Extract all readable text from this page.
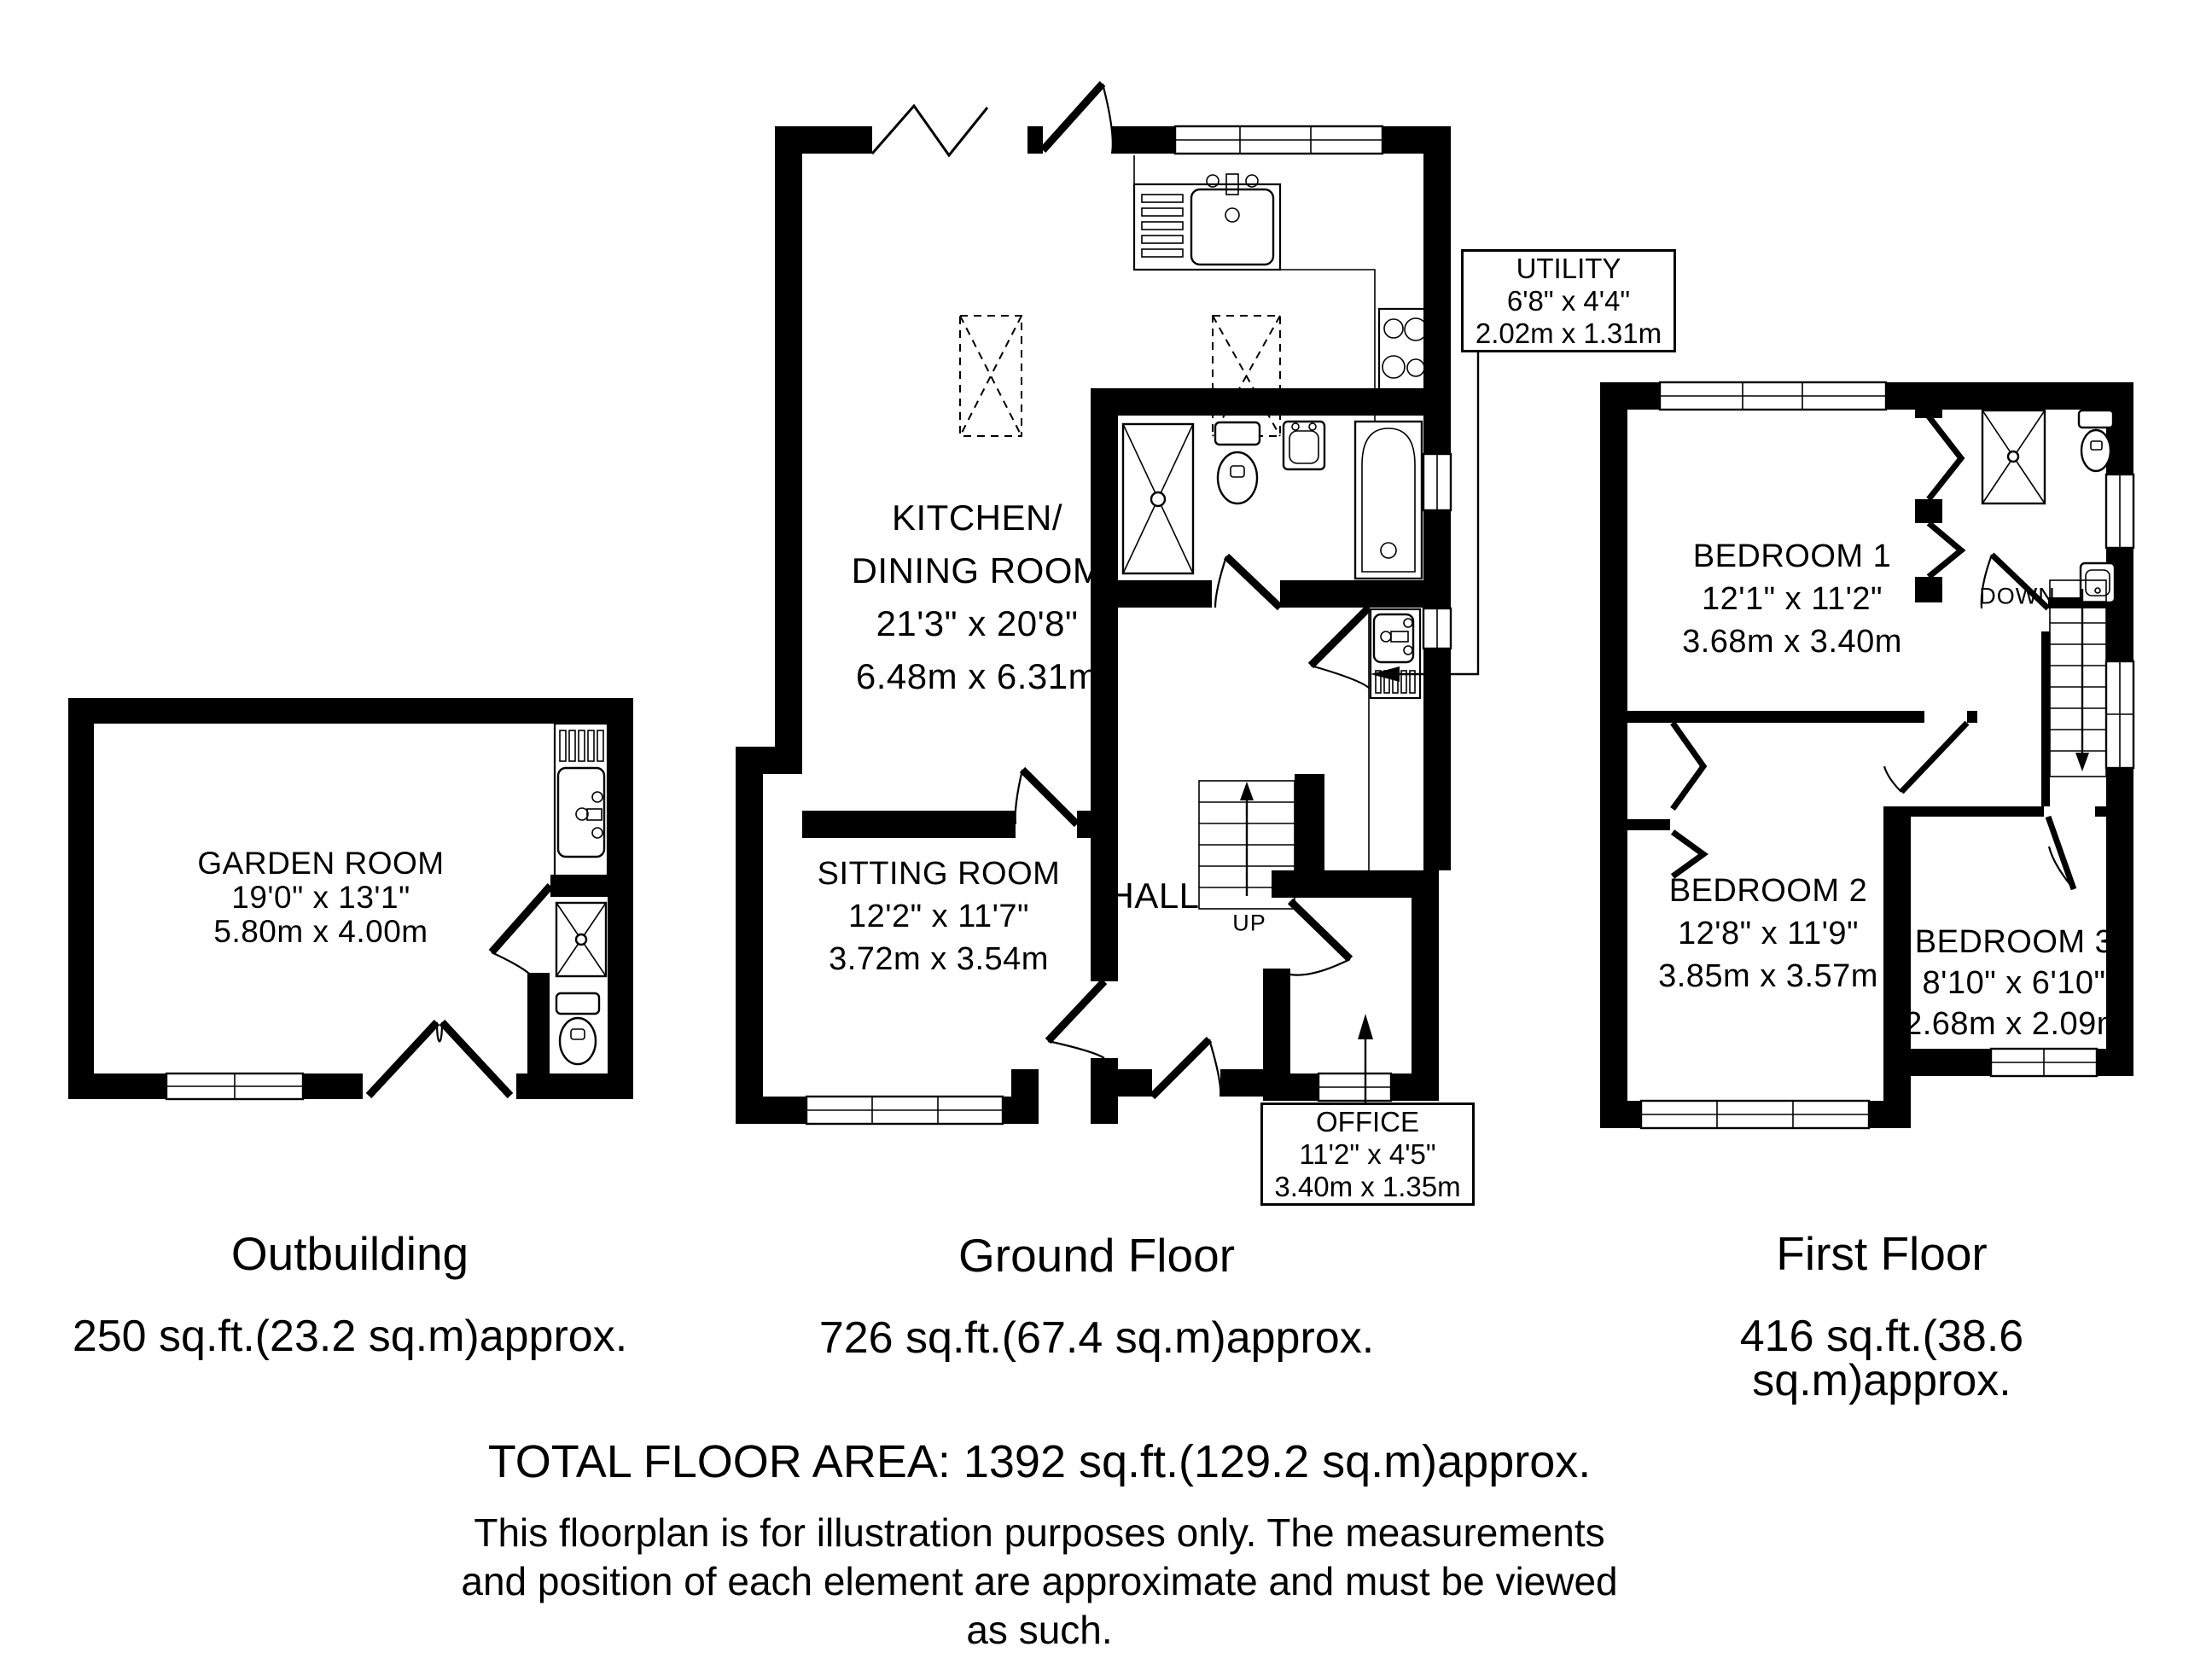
GARDEN ROOM
19'0" x 13'1"
5.80m x 4.00m
KITCHEN/
DINING ROOM
21'3" x 20'8"
6.48m x 6.31m
SITTING ROOM
12'2" x 11'7"
3.72m x 3.54m
HALL
UP
UTILITY
6'8" x 4'4"
2.02m x 1.31m
OFFICE
11'2" x 4'5"
3.40m x 1.35m
BEDROOM 1
12'1" x 11'2"
3.68m x 3.40m
BEDROOM 2
12'8" x 11'9"
3.85m x 3.57m
BEDROOM 3
8'10" x 6'10"
2.68m x 2.09m
DOWN

Outbuilding

250 sq.ft.(23.2 sq.m)approx.

Ground Floor

726 sq.ft.(67.4 sq.m)approx.

First Floor

416 sq.ft.(38.6 sq.m)approx.

TOTAL FLOOR AREA: 1392 sq.ft.(129.2 sq.m)approx.

This floorplan is for illustration purposes only. The measurements

and position of each element are approximate and must be viewed

as such.
